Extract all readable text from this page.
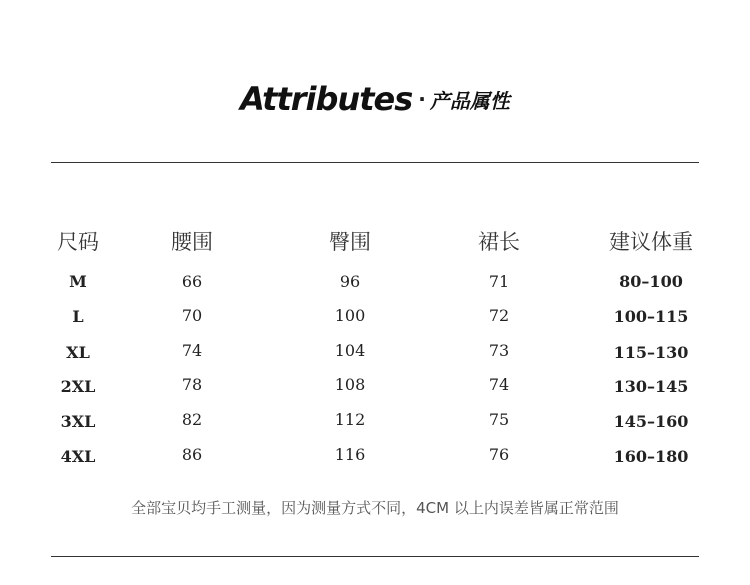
Attributes · 产品属性
尺码	腰围	臀围	裙长	建议体重
M	66	96	71	80–100
L	70	100	72	100–115
XL	74	104	73	115–130
2XL	78	108	74	130–145
3XL	82	112	75	145–160
4XL	86	116	76	160–180
全部宝贝均手工测量，因为测量方式不同，4CM 以上内误差皆属正常范围
